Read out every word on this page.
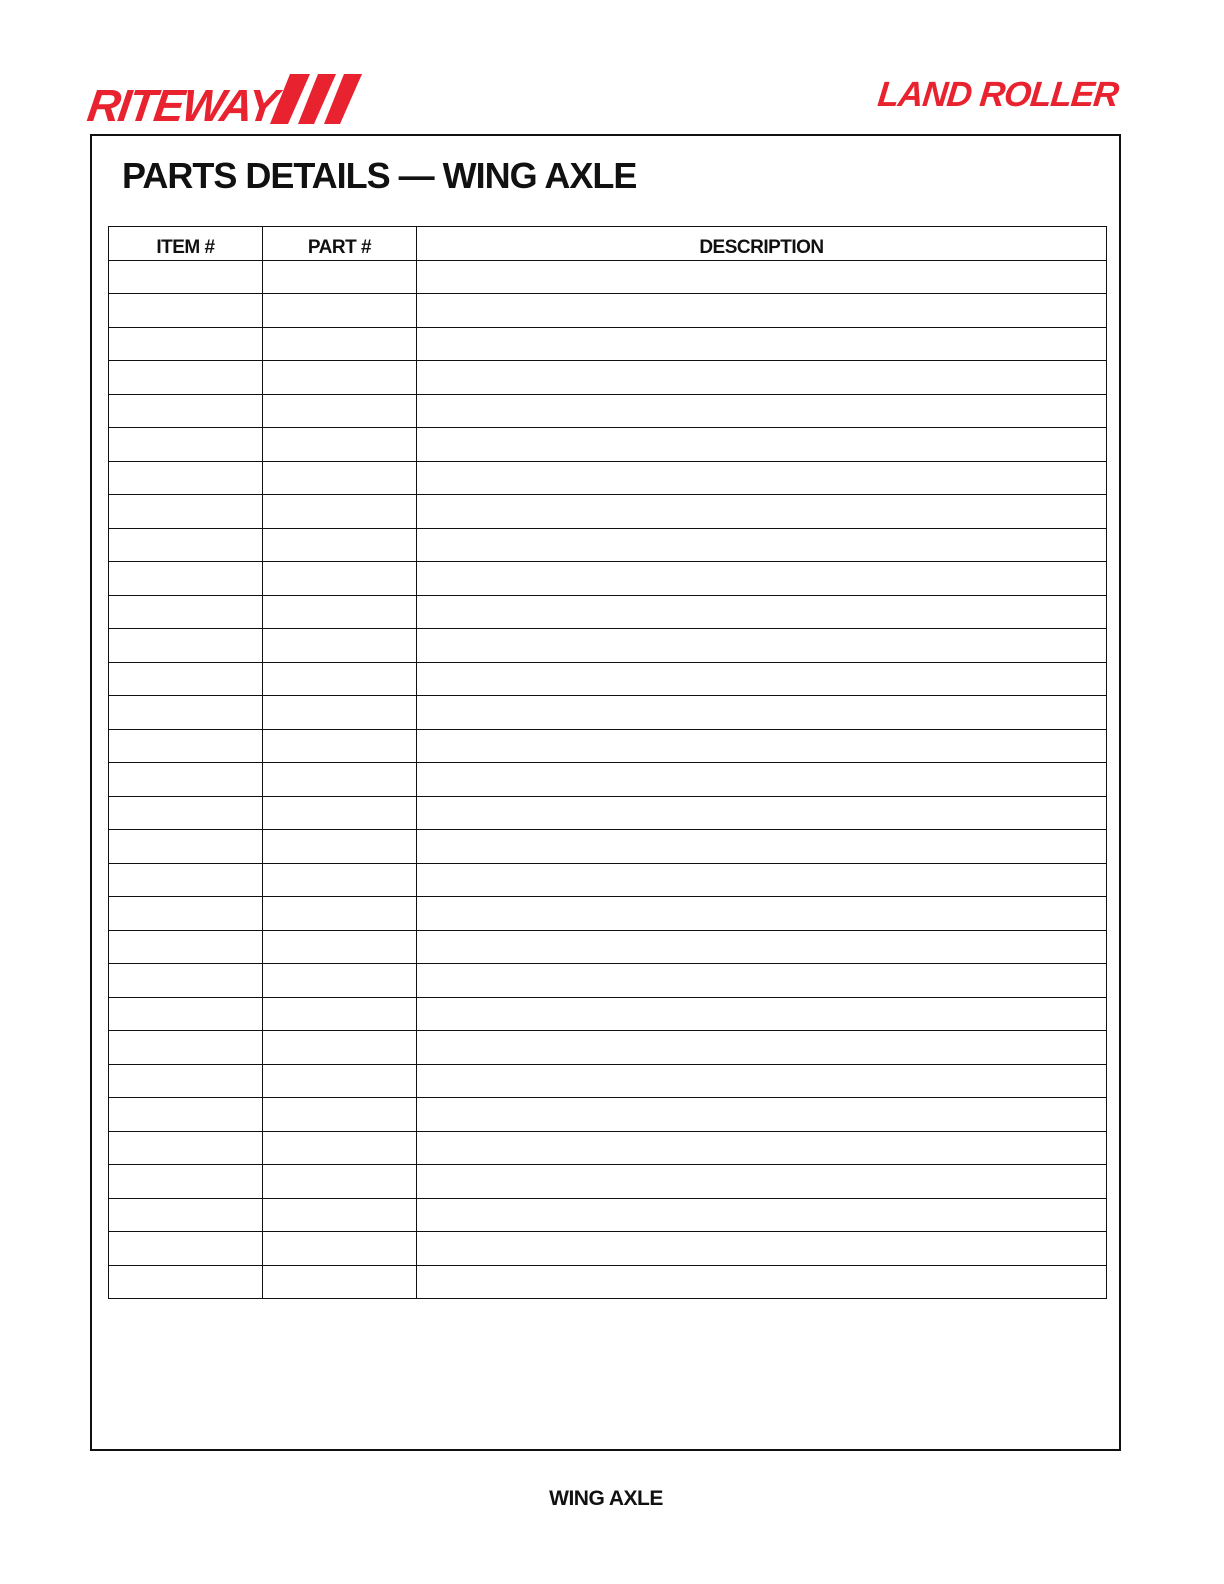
RITEWAY	LAND ROLLER
PARTS DETAILS — WING AXLE
ITEM #	PART #	DESCRIPTION

WING AXLE
